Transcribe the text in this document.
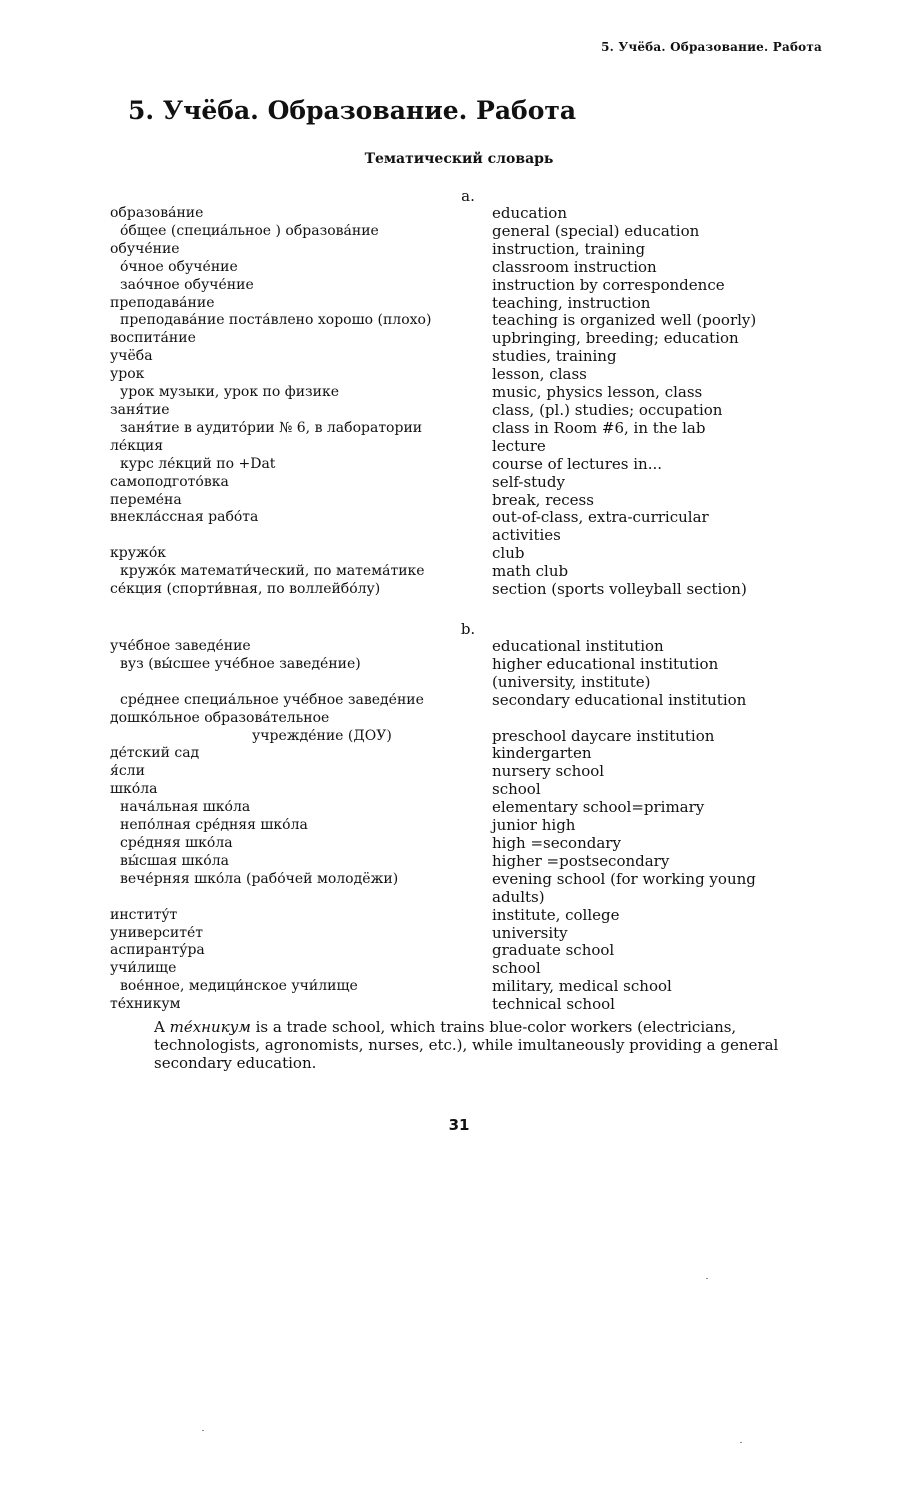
5. Учёба. Образование. Работа
5. Учёба. Образование. Работа
Тематический словарь
a.
образова́ние	education
о́бщее (специа́льное ) образова́ние	general (special) education
обуче́ние	instruction, training
о́чное обуче́ние	classroom instruction
зао́чное обуче́ние	instruction by correspondence
преподава́ние	teaching, instruction
преподава́ние поста́влено хорошо (плохо)	teaching is organized well (poorly)
воспита́ние	upbringing, breeding; education
учёба	studies, training
урок	lesson, class
урок музыки, урок по физике	music, physics lesson, class
заня́тие	class, (pl.) studies; occupation
заня́тие в аудито́рии № 6, в лаборатории	class in Room #6, in the lab
ле́кция	lecture
курс ле́кций по +Dat	course of lectures in...
самоподгото́вка	self-study
переме́на	break, recess
внекла́ссная рабо́та	out-of-class, extra-curricular
activities
кружо́к	club
кружо́к математи́ческий, по матема́тике	math club
се́кция (спорти́вная, по воллейбо́лу)	section (sports volleyball section)
b.
уче́бное заведе́ние	educational institution
вуз (вы́сшее уче́бное заведе́ние)	higher educational institution
(university, institute)
сре́днее специа́льное уче́бное заведе́ние	secondary educational institution
дошко́льное образова́тельное
учрежде́ние (ДОУ)	preschool daycare institution
де́тский сад	kindergarten
я́сли	nursery school
шко́ла	school
нача́льная шко́ла	elementary school=primary
непо́лная сре́дняя шко́ла	junior high
сре́дняя шко́ла	high =secondary
вы́сшая шко́ла	higher =postsecondary
вече́рняя шко́ла (рабо́чей молодёжи)	evening school (for working young
adults)
институ́т	institute, college
университе́т	university
аспиранту́ра	graduate school
учи́лище	school
вое́нное, медици́нское учи́лище	military, medical school
те́хникум	technical school
A те́хникум is a trade school, which trains blue-color workers (electricians, technologists, agronomists, nurses, etc.), while imultaneously providing a general secondary education.
31
